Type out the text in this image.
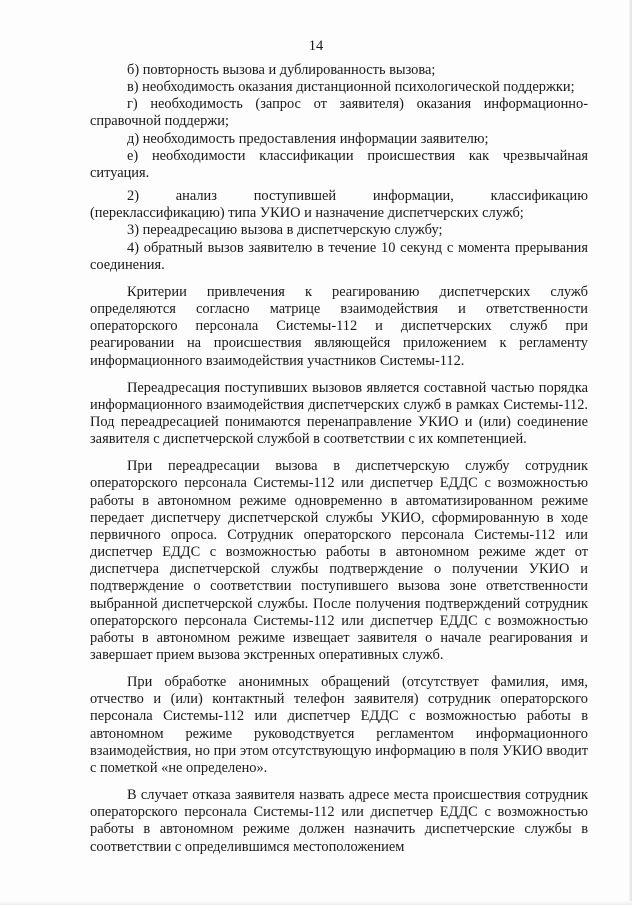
14

б) повторность вызова и дублированность вызова;

в) необходимость оказания дистанционной психологической поддержки;

г) необходимость (запрос от заявителя) оказания информационно-справочной поддержи;

д) необходимость предоставления информации заявителю;

е) необходимости классификации происшествия как чрезвычайная ситуация.

2) анализ поступившей информации, классификацию (переклассификацию) типа УКИО и назначение диспетчерских служб;

3) переадресацию вызова в диспетчерскую службу;

4) обратный вызов заявителю в течение 10 секунд с момента прерывания соединения.

Критерии привлечения к реагированию диспетчерских служб определяются согласно матрице взаимодействия и ответственности операторского персонала Системы-112 и диспетчерских служб при реагировании на происшествия являющейся приложением к регламенту информационного взаимодействия участников Системы-112.

Переадресация поступивших вызовов является составной частью порядка информационного взаимодействия диспетчерских служб в рамках Системы-112. Под переадресацией понимаются перенаправление УКИО и (или) соединение заявителя с диспетчерской службой в соответствии с их компетенцией.

При переадресации вызова в диспетчерскую службу сотрудник операторского персонала Системы-112 или диспетчер ЕДДС с возможностью работы в автономном режиме одновременно в автоматизированном режиме передает диспетчеру диспетчерской службы УКИО, сформированную в ходе первичного опроса. Сотрудник операторского персонала Системы-112 или диспетчер ЕДДС с возможностью работы в автономном режиме ждет от диспетчера диспетчерской службы подтверждение о получении УКИО и подтверждение о соответствии поступившего вызова зоне ответственности выбранной диспетчерской службы. После получения подтверждений сотрудник операторского персонала Системы-112 или диспетчер ЕДДС с возможностью работы в автономном режиме извещает заявителя о начале реагирования и завершает прием вызова экстренных оперативных служб.

При обработке анонимных обращений (отсутствует фамилия, имя, отчество и (или) контактный телефон заявителя) сотрудник операторского персонала Системы-112 или диспетчер ЕДДС с возможностью работы в автономном режиме руководствуется регламентом информационного взаимодействия, но при этом отсутствующую информацию в поля УКИО вводит с пометкой «не определено».

В случает отказа заявителя назвать адресе места происшествия сотрудник операторского персонала Системы-112 или диспетчер ЕДДС с возможностью работы в автономном режиме должен назначить диспетчерские службы в соответствии с определившимся местоположением
